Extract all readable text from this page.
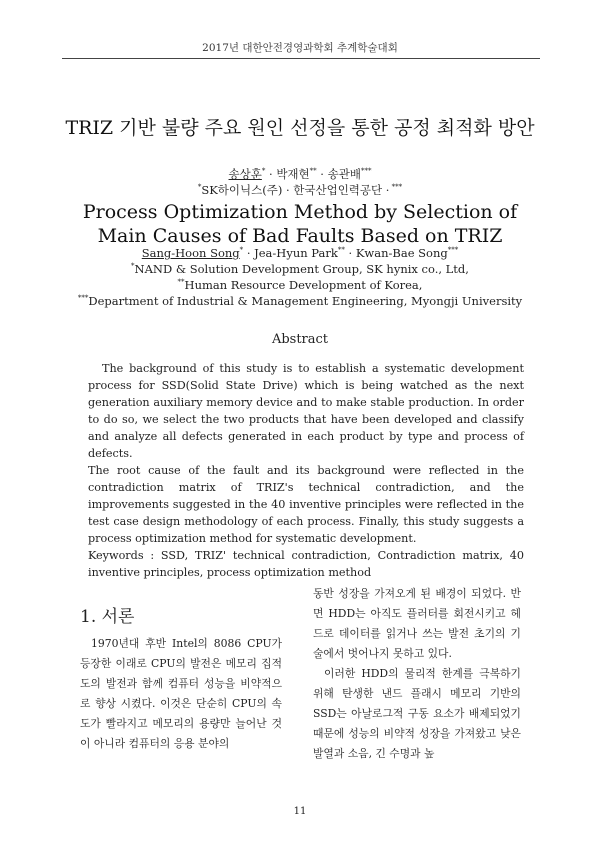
2017년 대한안전경영과학회 추계학술대회
TRIZ 기반 불량 주요 원인 선정을 통한 공정 최적화 방안
송상훈* · 박재현** · 송관배***
*SK하이닉스(주) · 한국산업인력공단 · ***
Process Optimization Method by Selection of Main Causes of Bad Faults Based on TRIZ
Sang-Hoon Song* · Jea-Hyun Park** · Kwan-Bae Song***
*NAND & Solution Development Group, SK hynix co., Ltd,
**Human Resource Development of Korea,
***Department of Industrial & Management Engineering, Myongji University
Abstract

The background of this study is to establish a systematic development process for SSD(Solid State Drive) which is being watched as the next generation auxiliary memory device and to make stable production. In order to do so, we select the two products that have been developed and classify and analyze all defects generated in each product by type and process of defects.

The root cause of the fault and its background were reflected in the contradiction matrix of TRIZ's technical contradiction, and the improvements suggested in the 40 inventive principles were reflected in the test case design methodology of each process. Finally, this study suggests a process optimization method for systematic development.

Keywords : SSD, TRIZ' technical contradiction, Contradiction matrix, 40 inventive principles, process optimization method

1. 서론

1970년대 후반 Intel의 8086 CPU가 등장한 이래로 CPU의 발전은 메모리 집적도의 발전과 함께 컴퓨터 성능을 비약적으로 향상 시켰다. 이것은 단순히 CPU의 속도가 빨라지고 메모리의 용량만 늘어난 것이 아니라 컴퓨터의 응용 분야의

동반 성장을 가져오게 된 배경이 되었다. 반면 HDD는 아직도 플러터를 회전시키고 헤드로 데이터를 읽거나 쓰는 발전 초기의 기술에서 벗어나지 못하고 있다.

이러한 HDD의 물리적 한계를 극복하기 위해 탄생한 낸드 플래시 메모리 기반의 SSD는 아날로그적 구동 요소가 배제되었기 때문에 성능의 비약적 성장을 가져왔고 낮은 발열과 소음, 긴 수명과 높

11
